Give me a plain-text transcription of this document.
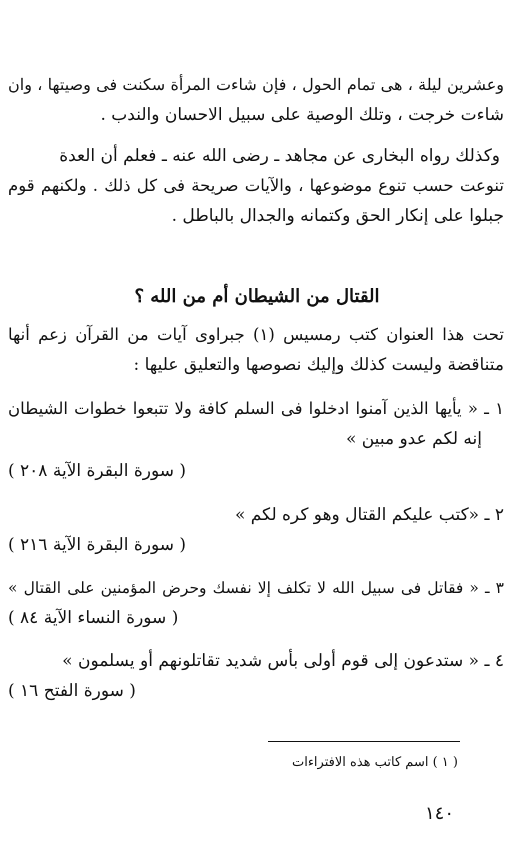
وعشرين ليلة ، هى تمام الحول ، فإن شاءت المرأة سكنت فى وصيتها ، وان
شاءت خرجت ، وتلك الوصية على سبيل الاحسان والندب .
وكذلك رواه البخارى عن مجاهد ـ رضى الله عنه ـ فعلم أن العدة
تنوعت حسب تنوع موضوعها ، والآيات صريحة فى كل ذلك . ولكنهم قوم
جبلوا على إنكار الحق وكتمانه والجدال بالباطل .
القتال من الشيطان أم من الله ؟
تحت هذا العنوان كتب رمسيس (١) جبراوى آيات من القرآن زعم أنها
متناقضة وليست كذلك وإليك نصوصها والتعليق عليها :
١ ـ « يأيها الذين آمنوا ادخلوا فى السلم كافة ولا تتبعوا خطوات الشيطان
إنه لكم عدو مبين »
( سورة البقرة الآية ٢٠٨ )
٢ ـ «كتب عليكم القتال وهو كره لكم »
( سورة البقرة الآية ٢١٦ )
٣ ـ « فقاتل فى سبيل الله لا تكلف إلا نفسك وحرض المؤمنين على القتال »
( سورة النساء الآية ٨٤ )
٤ ـ « ستدعون إلى قوم أولى بأس شديد تقاتلونهم أو يسلمون »
( سورة الفتح ١٦ )
( ١ ) اسم كاتب هذه الافتراءات
١٤٠
